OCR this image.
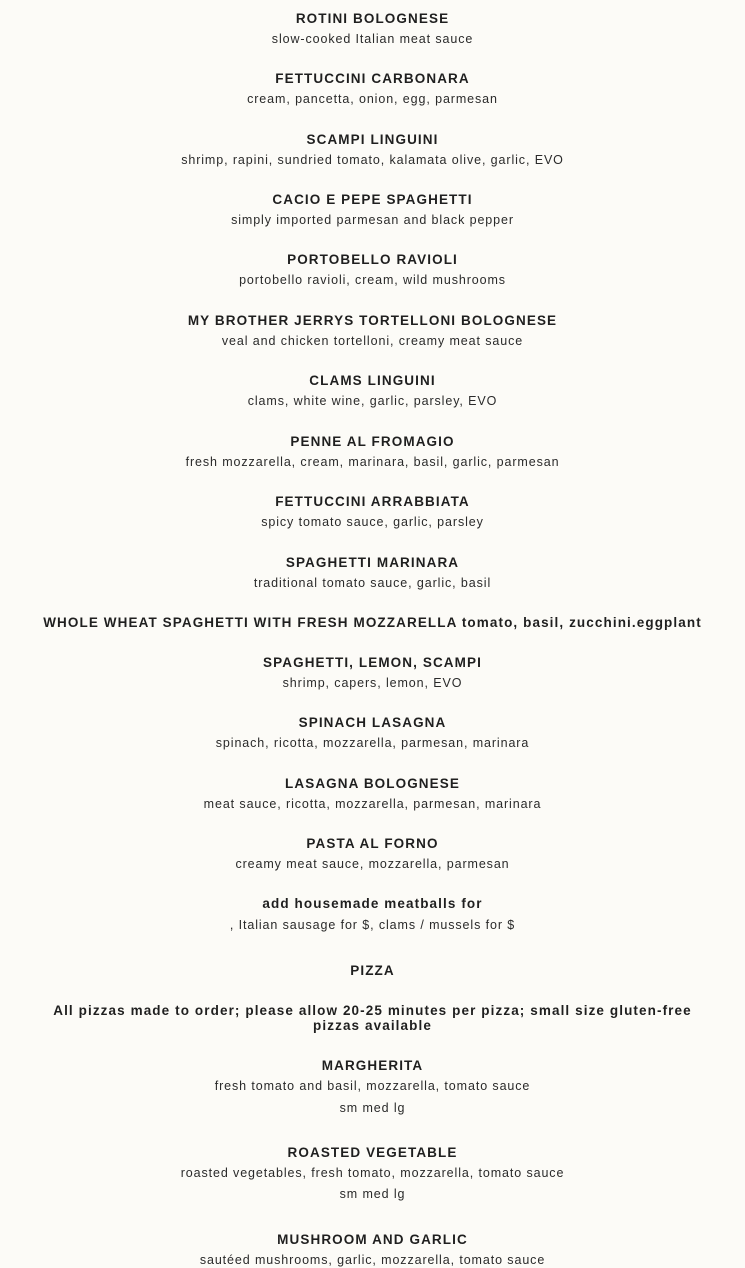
ROTINI BOLOGNESE
slow-cooked Italian meat sauce
FETTUCCINI CARBONARA
cream, pancetta, onion, egg, parmesan
SCAMPI LINGUINI
shrimp, rapini, sundried tomato, kalamata olive, garlic, EVO
CACIO E PEPE SPAGHETTI
simply imported parmesan and black pepper
PORTOBELLO RAVIOLI
portobello ravioli, cream, wild mushrooms
MY BROTHER JERRYS TORTELLONI BOLOGNESE
veal and chicken tortelloni, creamy meat sauce
CLAMS LINGUINI
clams, white wine, garlic, parsley, EVO
PENNE AL FROMAGIO
fresh mozzarella, cream, marinara, basil, garlic, parmesan
FETTUCCINI ARRABBIATA
spicy tomato sauce, garlic, parsley
SPAGHETTI MARINARA
traditional tomato sauce, garlic, basil
WHOLE WHEAT SPAGHETTI WITH FRESH MOZZARELLA tomato, basil, zucchini.eggplant
SPAGHETTI, LEMON, SCAMPI
shrimp, capers, lemon, EVO
SPINACH LASAGNA
spinach, ricotta, mozzarella, parmesan, marinara
LASAGNA BOLOGNESE
meat sauce, ricotta, mozzarella, parmesan, marinara
PASTA AL FORNO
creamy meat sauce, mozzarella, parmesan
add housemade meatballs for
, Italian sausage for $, clams / mussels for $
PIZZA
All pizzas made to order; please allow 20-25 minutes per pizza; small size gluten-free pizzas available
MARGHERITA
fresh tomato and basil, mozzarella, tomato sauce
sm med lg
ROASTED VEGETABLE
roasted vegetables, fresh tomato, mozzarella, tomato sauce
sm med lg
MUSHROOM AND GARLIC
sautéed mushrooms, garlic, mozzarella, tomato sauce
